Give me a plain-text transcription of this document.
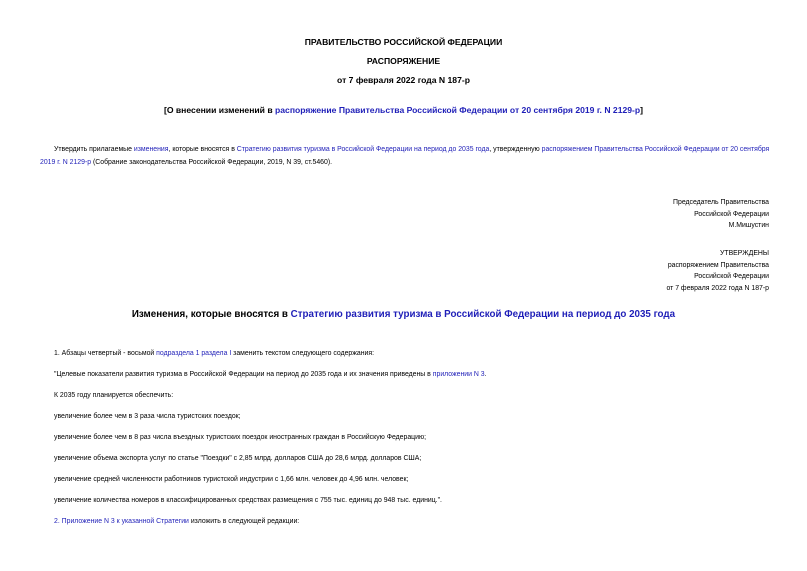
ПРАВИТЕЛЬСТВО РОССИЙСКОЙ ФЕДЕРАЦИИ
РАСПОРЯЖЕНИЕ
от 7 февраля 2022 года N 187-р
[О внесении изменений в распоряжение Правительства Российской Федерации от 20 сентября 2019 г. N 2129-р]
Утвердить прилагаемые изменения, которые вносятся в Стратегию развития туризма в Российской Федерации на период до 2035 года, утвержденную распоряжением Правительства Российской Федерации от 20 сентября 2019 г. N 2129-р (Собрание законодательства Российской Федерации, 2019, N 39, ст.5460).
Председатель Правительства
Российской Федерации
М.Мишустин
УТВЕРЖДЕНЫ
распоряжением Правительства
Российской Федерации
от 7 февраля 2022 года N 187-р
Изменения, которые вносятся в Стратегию развития туризма в Российской Федерации на период до 2035 года
1. Абзацы четвертый - восьмой подраздела 1 раздела I заменить текстом следующего содержания:
"Целевые показатели развития туризма в Российской Федерации на период до 2035 года и их значения приведены в приложении N 3.
К 2035 году планируется обеспечить:
увеличение более чем в 3 раза числа туристских поездок;
увеличение более чем в 8 раз числа въездных туристских поездок иностранных граждан в Российскую Федерацию;
увеличение объема экспорта услуг по статье "Поездки" с 2,85 млрд. долларов США до 28,6 млрд. долларов США;
увеличение средней численности работников туристской индустрии с 1,66 млн. человек до 4,96 млн. человек;
увеличение количества номеров в классифицированных средствах размещения с 755 тыс. единиц до 948 тыс. единиц.".
2. Приложение N 3 к указанной Стратегии изложить в следующей редакции:
